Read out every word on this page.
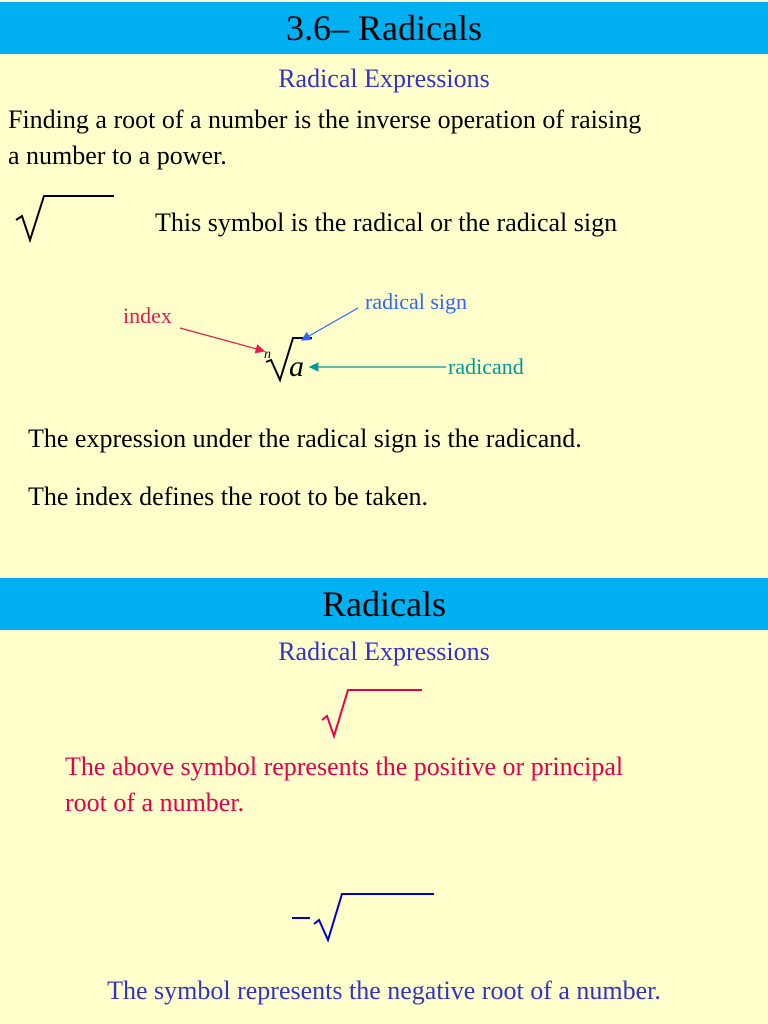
3.6– Radicals
Radical Expressions
Finding a root of a number is the inverse operation of raising
a number to a power.
This symbol is the radical or the radical sign
n a
index
radical sign
radicand
The expression under the radical sign is the radicand.
The index defines the root to be taken.
Radicals
Radical Expressions
The above symbol represents the positive or principal
root of a number.
The symbol represents the negative root of a number.
